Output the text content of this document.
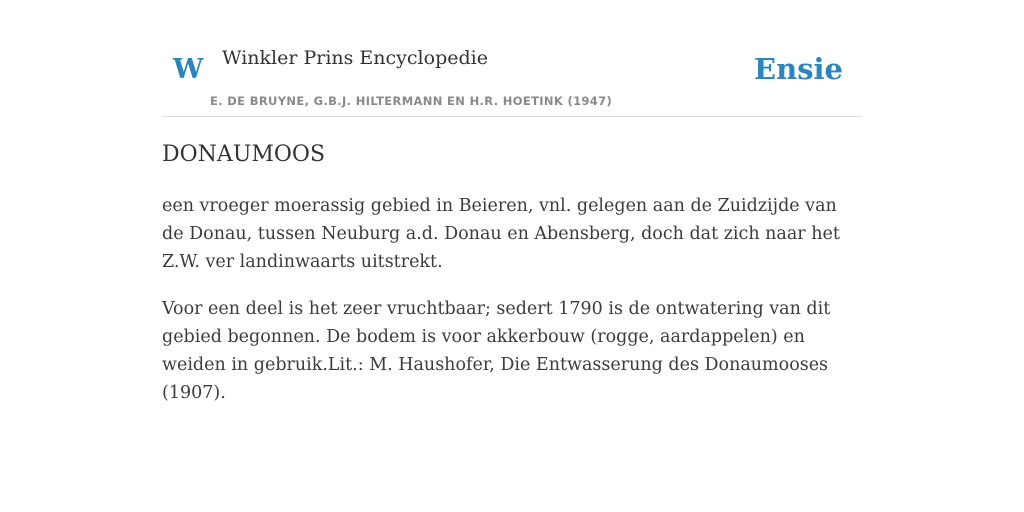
W Winkler Prins Encyclopedie
E. DE BRUYNE, G.B.J. HILTERMANN EN H.R. HOETINK (1947)
Ensie
DONAUMOOS

een vroeger moerassig gebied in Beieren, vnl. gelegen aan de Zuidzijde van de Donau, tussen Neuburg a.d. Donau en Abensberg, doch dat zich naar het Z.W. ver landinwaarts uitstrekt.

Voor een deel is het zeer vruchtbaar; sedert 1790 is de ontwatering van dit gebied begonnen. De bodem is voor akkerbouw (rogge, aardappelen) en weiden in gebruik.Lit.: M. Haushofer, Die Entwasserung des Donaumooses (1907).
